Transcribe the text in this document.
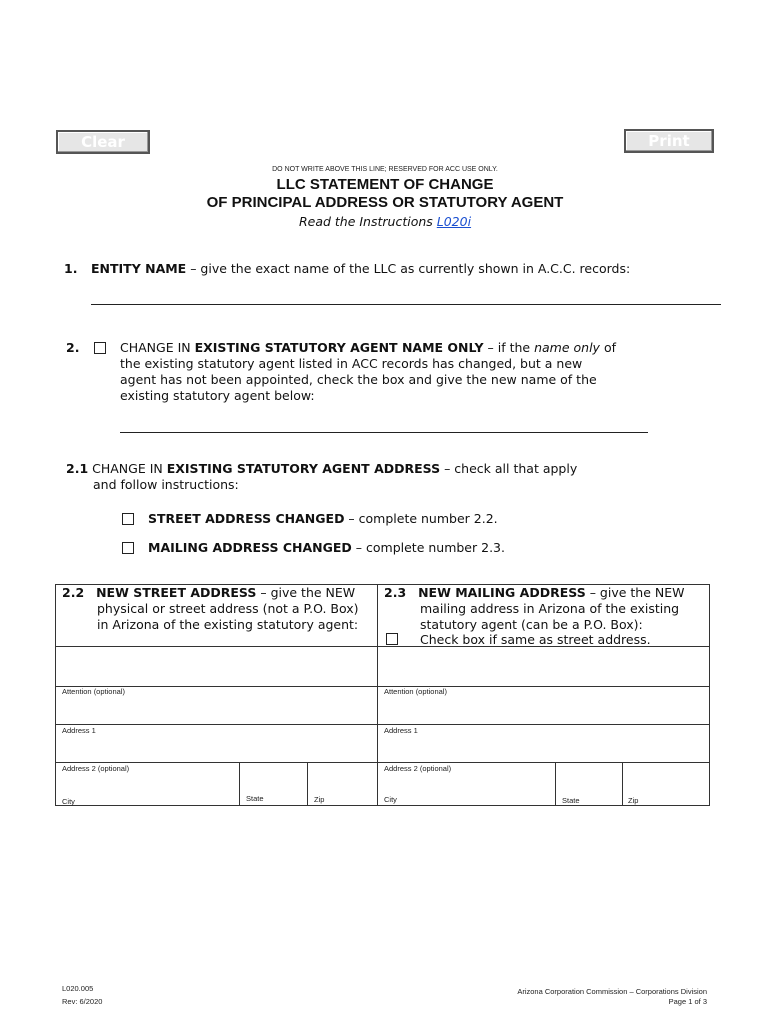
Clear Form
Print Form
DO NOT WRITE ABOVE THIS LINE; RESERVED FOR ACC USE ONLY.
LLC STATEMENT OF CHANGE
OF PRINCIPAL ADDRESS OR STATUTORY AGENT
Read the Instructions L020i
1. ENTITY NAME – give the exact name of the LLC as currently shown in A.C.C. records:
2.	CHANGE IN EXISTING STATUTORY AGENT NAME ONLY – if the name only of
the existing statutory agent listed in ACC records has changed, but a new
agent has not been appointed, check the box and give the new name of the
existing statutory agent below:
2.1 CHANGE IN EXISTING STATUTORY AGENT ADDRESS – check all that apply
and follow instructions:
STREET ADDRESS CHANGED – complete number 2.2.
MAILING ADDRESS CHANGED – complete number 2.3.
2.2 NEW STREET ADDRESS – give the NEW
physical or street address (not a P.O. Box)
in Arizona of the existing statutory agent:
2.3 NEW MAILING ADDRESS – give the NEW
mailing address in Arizona of the existing
statutory agent (can be a P.O. Box):
Check box if same as street address.
Attention (optional)
Address 1
Address 2 (optional)
City	State	Zip
Attention (optional)
Address 1
Address 2 (optional)
City	State	Zip
L020.005
Rev: 6/2020
Arizona Corporation Commission – Corporations Division
Page 1 of 3
